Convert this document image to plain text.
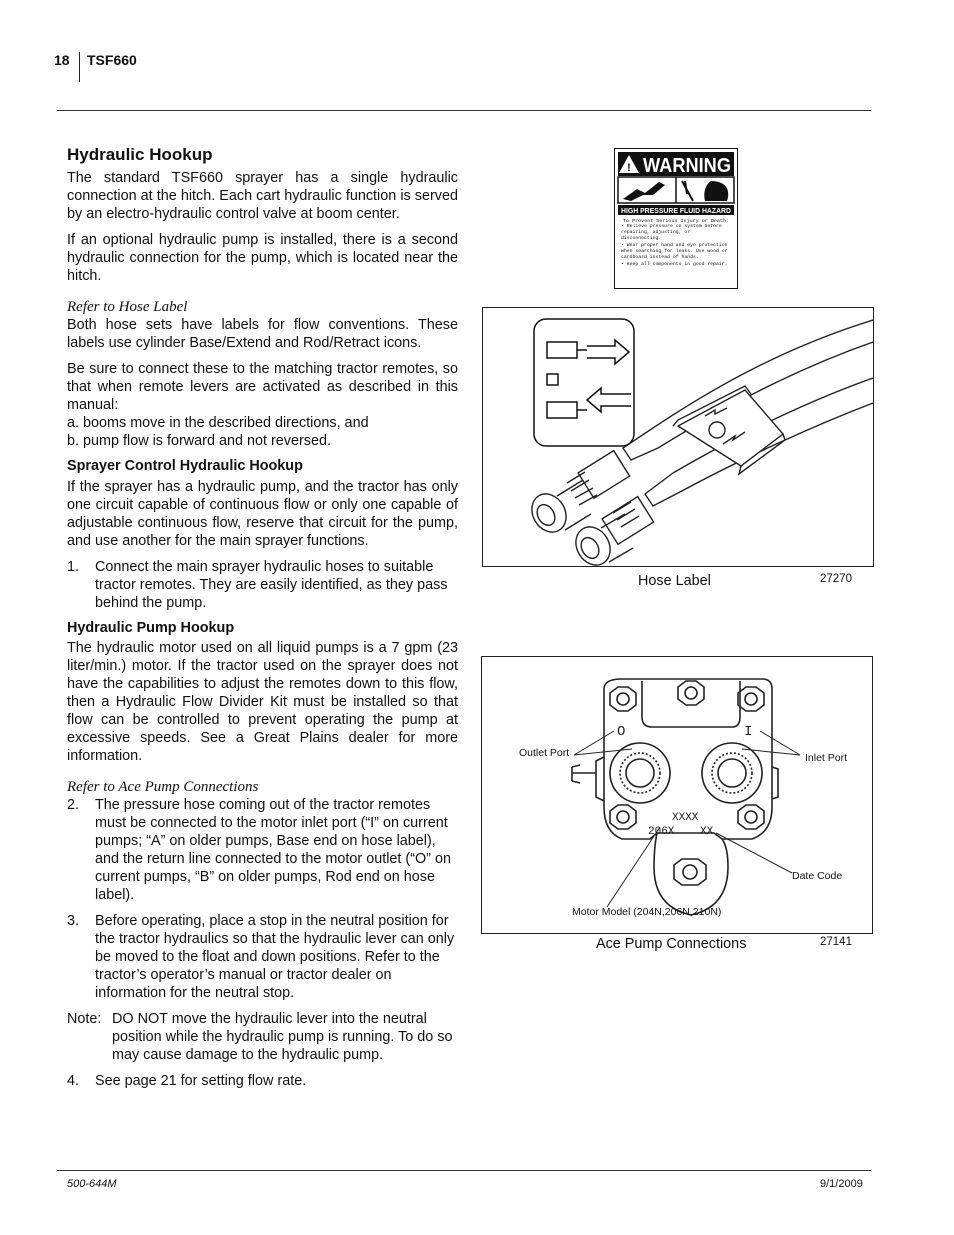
18 TSF660
Hydraulic Hookup

The standard TSF660 sprayer has a single hydraulic connection at the hitch. Each cart hydraulic function is served by an electro-hydraulic control valve at boom center.

If an optional hydraulic pump is installed, there is a second hydraulic connection for the pump, which is located near the hitch.

Refer to Hose Label

Both hose sets have labels for flow conventions. These labels use cylinder Base/Extend and Rod/Retract icons.

Be sure to connect these to the matching tractor remotes, so that when remote levers are activated as described in this manual:

a. booms move in the described directions, and

b. pump flow is forward and not reversed.

Sprayer Control Hydraulic Hookup

If the sprayer has a hydraulic pump, and the tractor has only one circuit capable of continuous flow or only one capable of adjustable continuous flow, reserve that circuit for the pump, and use another for the main sprayer functions.

1. Connect the main sprayer hydraulic hoses to suitable tractor remotes. They are easily identified, as they pass behind the pump.

Hydraulic Pump Hookup

The hydraulic motor used on all liquid pumps is a 7 gpm (23 liter/min.) motor. If the tractor used on the sprayer does not have the capabilities to adjust the remotes down to this flow, then a Hydraulic Flow Divider Kit must be installed so that flow can be controlled to prevent operating the pump at excessive speeds. See a Great Plains dealer for more information.

Refer to Ace Pump Connections

2. The pressure hose coming out of the tractor remotes must be connected to the motor inlet port (“I” on current pumps; “A” on older pumps, Base end on hose label), and the return line connected to the motor outlet (“O” on current pumps, “B” on older pumps, Rod end on hose label).

3. Before operating, place a stop in the neutral position for the tractor hydraulics so that the hydraulic lever can only be moved to the float and down positions. Refer to the tractor’s operator’s manual or tractor dealer on information for the neutral stop.

Note: DO NOT move the hydraulic lever into the neutral position while the hydraulic pump is running. To do so may cause damage to the hydraulic pump.

4. See page 21 for setting flow rate.

! WARNING
HIGH PRESSURE FLUID HAZARD
To Prevent Serious Injury or Death:
• Relieve pressure on system before repairing, adjusting, or disconnecting.
• Wear proper hand and eye protection when searching for leaks. Use wood or cardboard instead of hands.
• Keep all components in good repair.
Hose Label	27270
O	I
XXXX
206X XX
Outlet Port	Inlet Port
Date Code
Motor Model (204N,206N,210N)
Ace Pump Connections	27141
500-644M	9/1/2009
